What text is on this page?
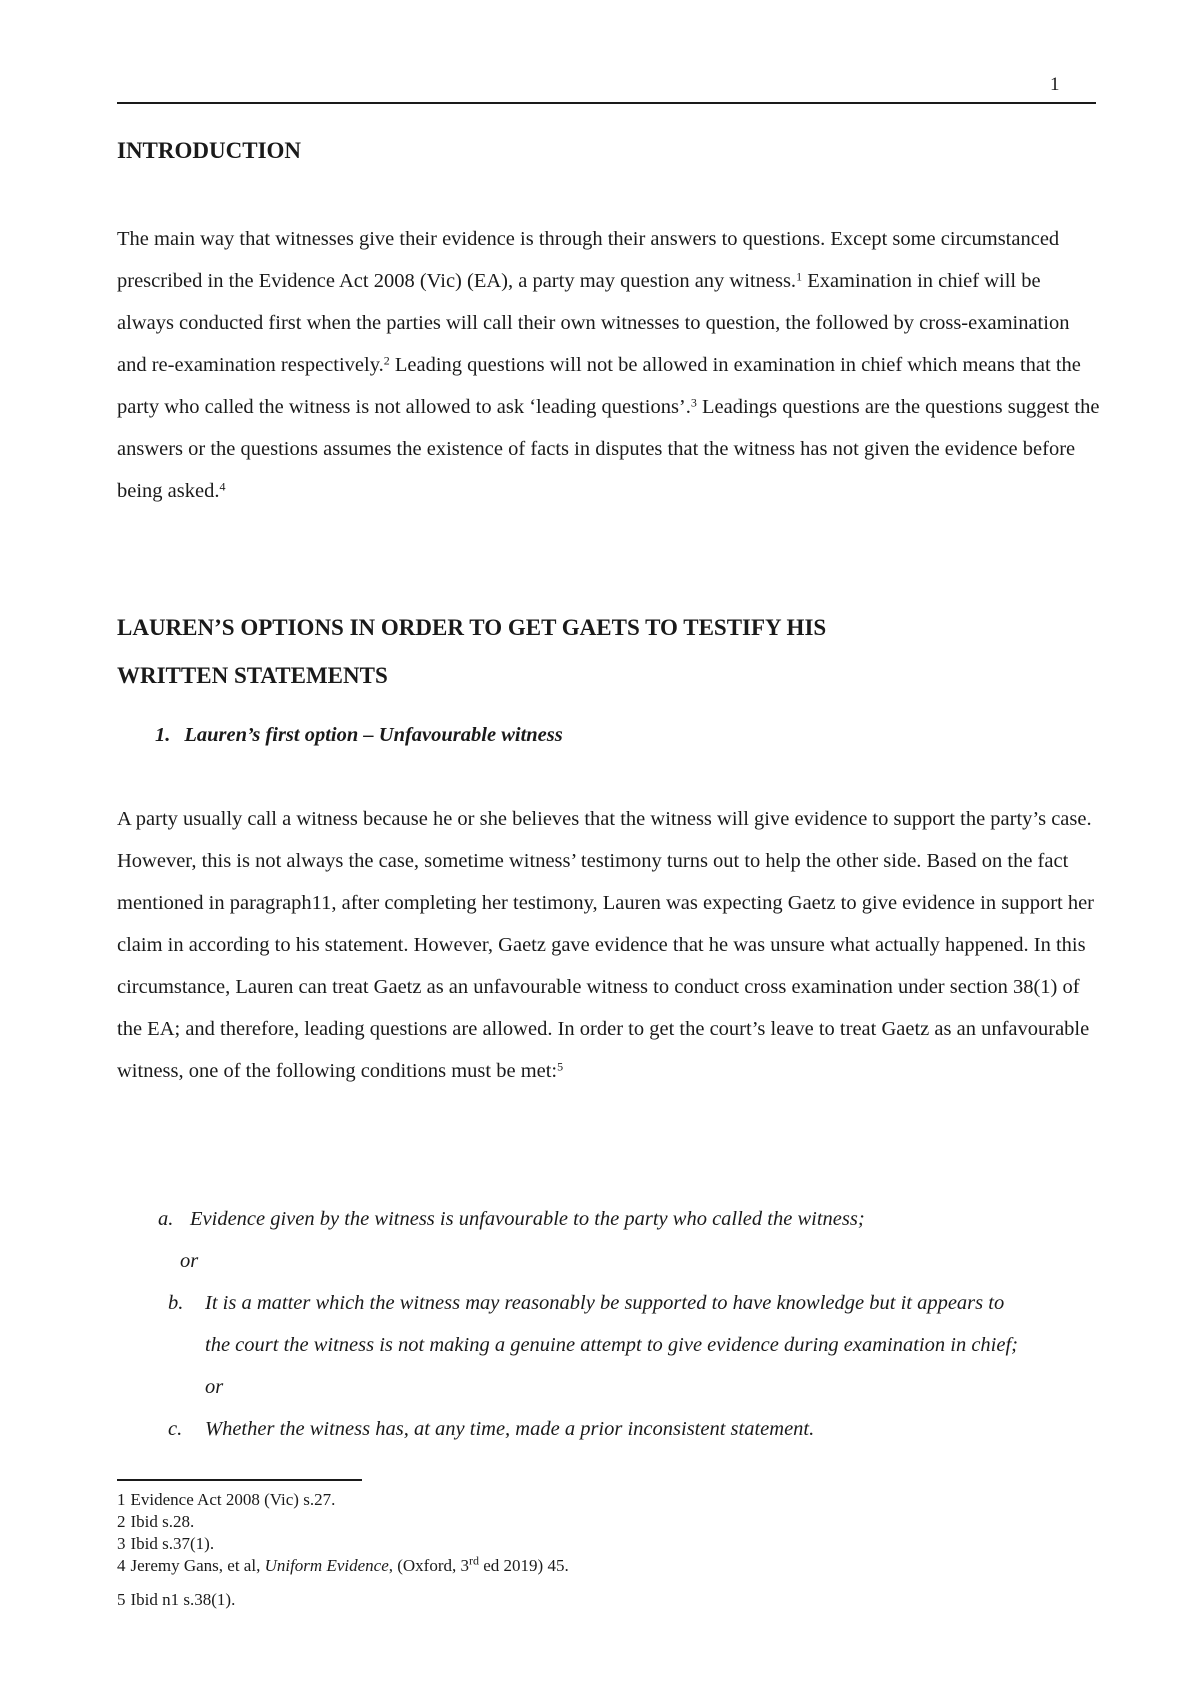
1
INTRODUCTION

The main way that witnesses give their evidence is through their answers to questions. Except some circumstanced prescribed in the Evidence Act 2008 (Vic) (EA), a party may question any witness.$^1$ Examination in chief will be always conducted first when the parties will call their own witnesses to question, the followed by cross-examination and re-examination respectively.$^2$ Leading questions will not be allowed in examination in chief which means that the party who called the witness is not allowed to ask ‘leading questions’.$^3$ Leadings questions are the questions suggest the answers or the questions assumes the existence of facts in disputes that the witness has not given the evidence before being asked.$^4$

LAUREN’S OPTIONS IN ORDER TO GET GAETS TO TESTIFY HIS
WRITTEN STATEMENTS
1. Lauren’s first option – Unfavourable witness

A party usually call a witness because he or she believes that the witness will give evidence to support the party’s case. However, this is not always the case, sometime witness’ testimony turns out to help the other side. Based on the fact mentioned in paragraph11, after completing her testimony, Lauren was expecting Gaetz to give evidence in support her claim in according to his statement. However, Gaetz gave evidence that he was unsure what actually happened. In this circumstance, Lauren can treat Gaetz as an unfavourable witness to conduct cross examination under section 38(1) of the EA; and therefore, leading questions are allowed. In order to get the court’s leave to treat Gaetz as an unfavourable witness, one of the following conditions must be met:$^5$

a. Evidence given by the witness is unfavourable to the party who called the witness;
or
b. It is a matter which the witness may reasonably be supported to have knowledge but it appears to the court the witness is not making a genuine attempt to give evidence during examination in chief; or
c. Whether the witness has, at any time, made a prior inconsistent statement.

1 Evidence Act 2008 (Vic) s.27.

2 Ibid s.28.

3 Ibid s.37(1).

4 Jeremy Gans, et al, Uniform Evidence, (Oxford, 3rd ed 2019) 45.

5 Ibid n1 s.38(1).
